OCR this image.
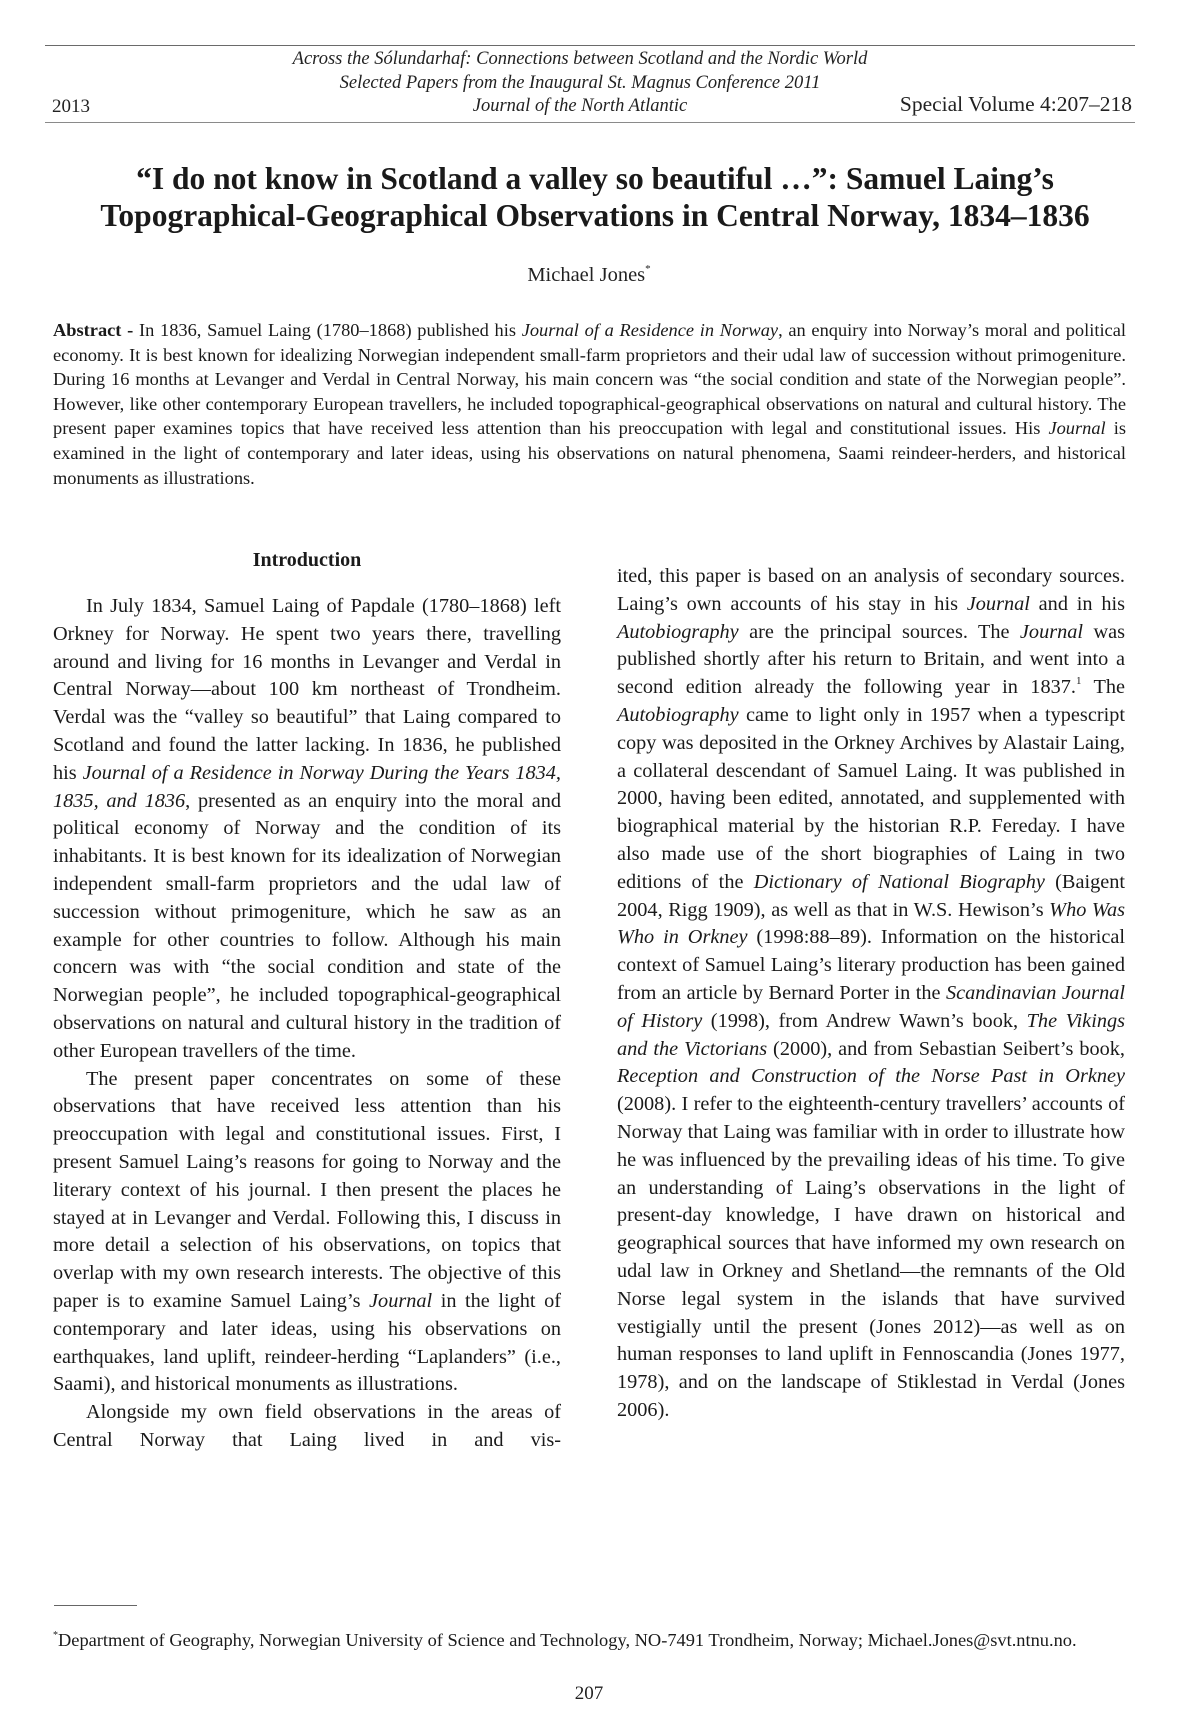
Across the Sólundarhaf: Connections between Scotland and the Nordic World
Selected Papers from the Inaugural St. Magnus Conference 2011
Journal of the North Atlantic
2013	Special Volume 4:207–218
“I do not know in Scotland a valley so beautiful …”: Samuel Laing’s
Topographical-Geographical Observations in Central Norway, 1834–1836
Michael Jones*
Abstract - In 1836, Samuel Laing (1780–1868) published his Journal of a Residence in Norway, an enquiry into Norway’s moral and political economy. It is best known for idealizing Norwegian independent small-farm proprietors and their udal law of succession without primogeniture. During 16 months at Levanger and Verdal in Central Norway, his main concern was “the social condition and state of the Norwegian people”. However, like other contemporary European travellers, he included topographical-geographical observations on natural and cultural history. The present paper examines topics that have received less attention than his preoccupation with legal and constitutional issues. His Journal is examined in the light of contemporary and later ideas, using his observations on natural phenomena, Saami reindeer-herders, and historical monuments as illustrations.
Introduction

In July 1834, Samuel Laing of Papdale (1780–1868) left Orkney for Norway. He spent two years there, travelling around and living for 16 months in Levanger and Verdal in Central Norway—about 100 km northeast of Trondheim. Verdal was the “valley so beautiful” that Laing compared to Scotland and found the latter lacking. In 1836, he published his Journal of a Residence in Norway During the Years 1834, 1835, and 1836, presented as an enquiry into the moral and political economy of Norway and the condition of its inhabitants. It is best known for its idealization of Norwegian independent small-farm proprietors and the udal law of succession without primogeniture, which he saw as an example for other countries to follow. Although his main concern was with “the social condition and state of the Norwegian people”, he included topographical-geographical observations on natural and cultural history in the tradition of other European travellers of the time.

The present paper concentrates on some of these observations that have received less attention than his preoccupation with legal and constitutional issues. First, I present Samuel Laing’s reasons for going to Norway and the literary context of his journal. I then present the places he stayed at in Levanger and Verdal. Following this, I discuss in more detail a selection of his observations, on topics that overlap with my own research interests. The objective of this paper is to examine Samuel Laing’s Journal in the light of contemporary and later ideas, using his observations on earthquakes, land uplift, reindeer-herding “Laplanders” (i.e., Saami), and historical monuments as illustrations.

Alongside my own field observations in the areas of Central Norway that Laing lived in and vis-

ited, this paper is based on an analysis of secondary sources. Laing’s own accounts of his stay in his Journal and in his Autobiography are the principal sources. The Journal was published shortly after his return to Britain, and went into a second edition already the following year in 1837.$^1$ The Autobiography came to light only in 1957 when a typescript copy was deposited in the Orkney Archives by Alastair Laing, a collateral descendant of Samuel Laing. It was published in 2000, having been edited, annotated, and supplemented with biographical material by the historian R.P. Fereday. I have also made use of the short biographies of Laing in two editions of the Dictionary of National Biography (Baigent 2004, Rigg 1909), as well as that in W.S. Hewison’s Who Was Who in Orkney (1998:88–89). Information on the historical context of Samuel Laing’s literary production has been gained from an article by Bernard Porter in the Scandinavian Journal of History (1998), from Andrew Wawn’s book, The Vikings and the Victorians (2000), and from Sebastian Seibert’s book, Reception and Construction of the Norse Past in Orkney (2008). I refer to the eighteenth-century travellers’ accounts of Norway that Laing was familiar with in order to illustrate how he was influenced by the prevailing ideas of his time. To give an understanding of Laing’s observations in the light of present-day knowledge, I have drawn on historical and geographical sources that have informed my own research on udal law in Orkney and Shetland—the remnants of the Old Norse legal system in the islands that have survived vestigially until the present (Jones 2012)—as well as on human responses to land uplift in Fennoscandia (Jones 1977, 1978), and on the landscape of Stiklestad in Verdal (Jones 2006).

*Department of Geography, Norwegian University of Science and Technology, NO-7491 Trondheim, Norway; Michael.Jones@svt.ntnu.no.
207
